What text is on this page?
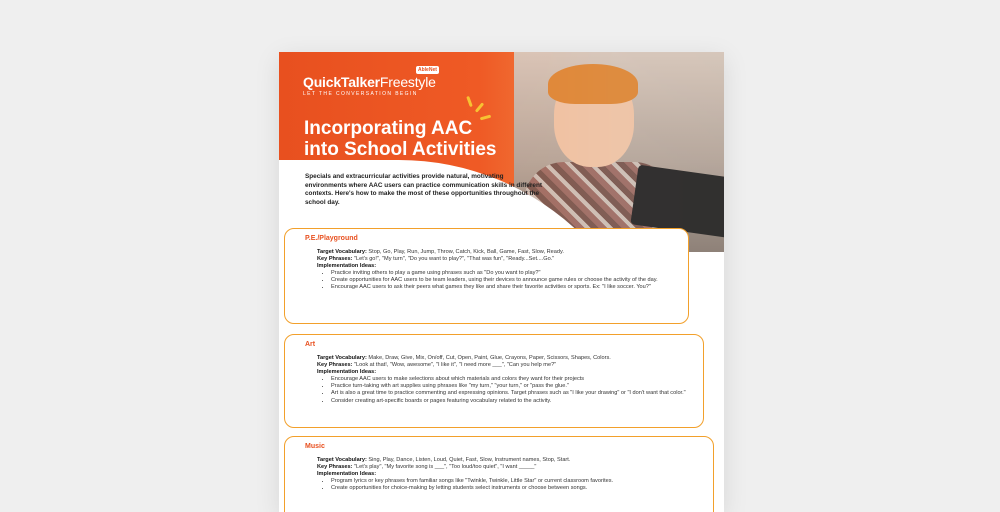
QuickTalkerFreestyle
LET THE CONVERSATION BEGIN
AbleNet
Incorporating AAC
into School Activities
Specials and extracurricular activities provide natural, motivating environments where AAC users can practice communication skills in different contexts. Here's how to make the most of these opportunities throughout the school day.
P.E./Playground
Target Vocabulary: Stop, Go, Play, Run, Jump, Throw, Catch, Kick, Ball, Game, Fast, Slow, Ready.
Key Phrases: "Let's go!", "My turn", "Do you want to play?", "That was fun", "Ready...Set....Go."
Implementation Ideas:
• Practice inviting others to play a game using phrases such as "Do you want to play?"
• Create opportunities for AAC users to be team leaders, using their devices to announce game rules or choose the activity of the day.
• Encourage AAC users to ask their peers what games they like and share their favorite activities or sports. Ex: "I like soccer. You?"
Art
Target Vocabulary: Make, Draw, Give, Mix, On/off, Cut, Open, Paint, Glue, Crayons, Paper, Scissors, Shapes, Colors.
Key Phrases: "Look at that!, "Wow, awesome", "I like it", "I need more ___", "Can you help me?"
Implementation Ideas:
• Encourage AAC users to make selections about which materials and colors they want for their projects
• Practice turn-taking with art supplies using phrases like "my turn," "your turn," or "pass the glue."
• Art is also a great time to practice commenting and expressing opinions. Target phrases such as "I like your drawing" or "I don't want that color."
• Consider creating art-specific boards or pages featuring vocabulary related to the activity.
Music
Target Vocabulary: Sing, Play, Dance, Listen, Loud, Quiet, Fast, Slow, Instrument names, Stop, Start.
Key Phrases: "Let's play", "My favorite song is ___", "Too loud/too quiet", "I want _____"
Implementation Ideas:
• Program lyrics or key phrases from familiar songs like "Twinkle, Twinkle, Little Star" or current classroom favorites.
• Create opportunities for choice-making by letting students select instruments or choose between songs.
